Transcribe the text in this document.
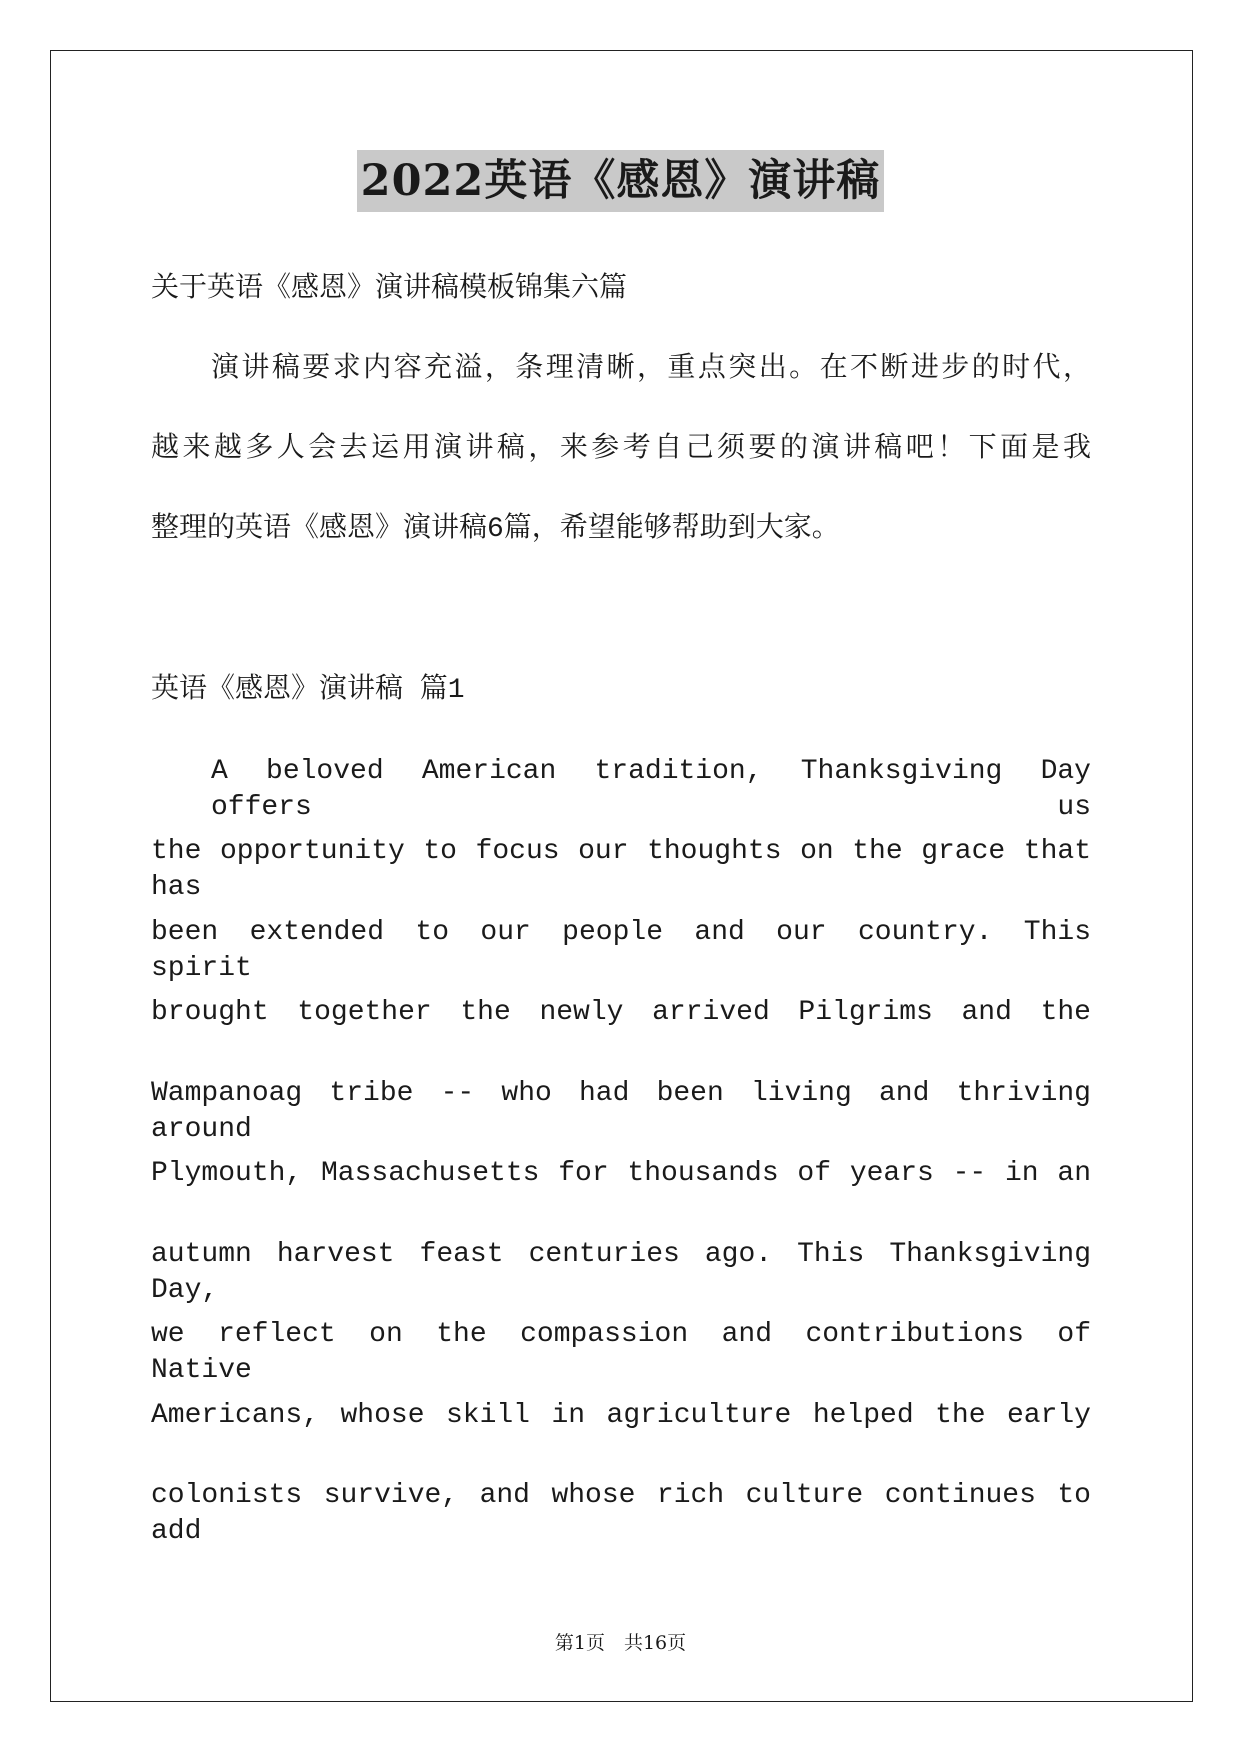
2022英语《感恩》演讲稿
关于英语《感恩》演讲稿模板锦集六篇
演讲稿要求内容充溢，条理清晰，重点突出。在不断进步的时代，
越来越多人会去运用演讲稿，来参考自己须要的演讲稿吧！下面是我
整理的英语《感恩》演讲稿6篇，希望能够帮助到大家。
英语《感恩》演讲稿 篇1
A beloved American tradition, Thanksgiving Day offers us
the opportunity to focus our thoughts on the grace that has
been extended to our people and our country. This spirit
brought together the newly arrived Pilgrims and the
Wampanoag tribe -- who had been living and thriving around
Plymouth, Massachusetts for thousands of years -- in an
autumn harvest feast centuries ago. This Thanksgiving Day,
we reflect on the compassion and contributions of Native
Americans, whose skill in agriculture helped the early
colonists survive, and whose rich culture continues to add
第1页　共16页
